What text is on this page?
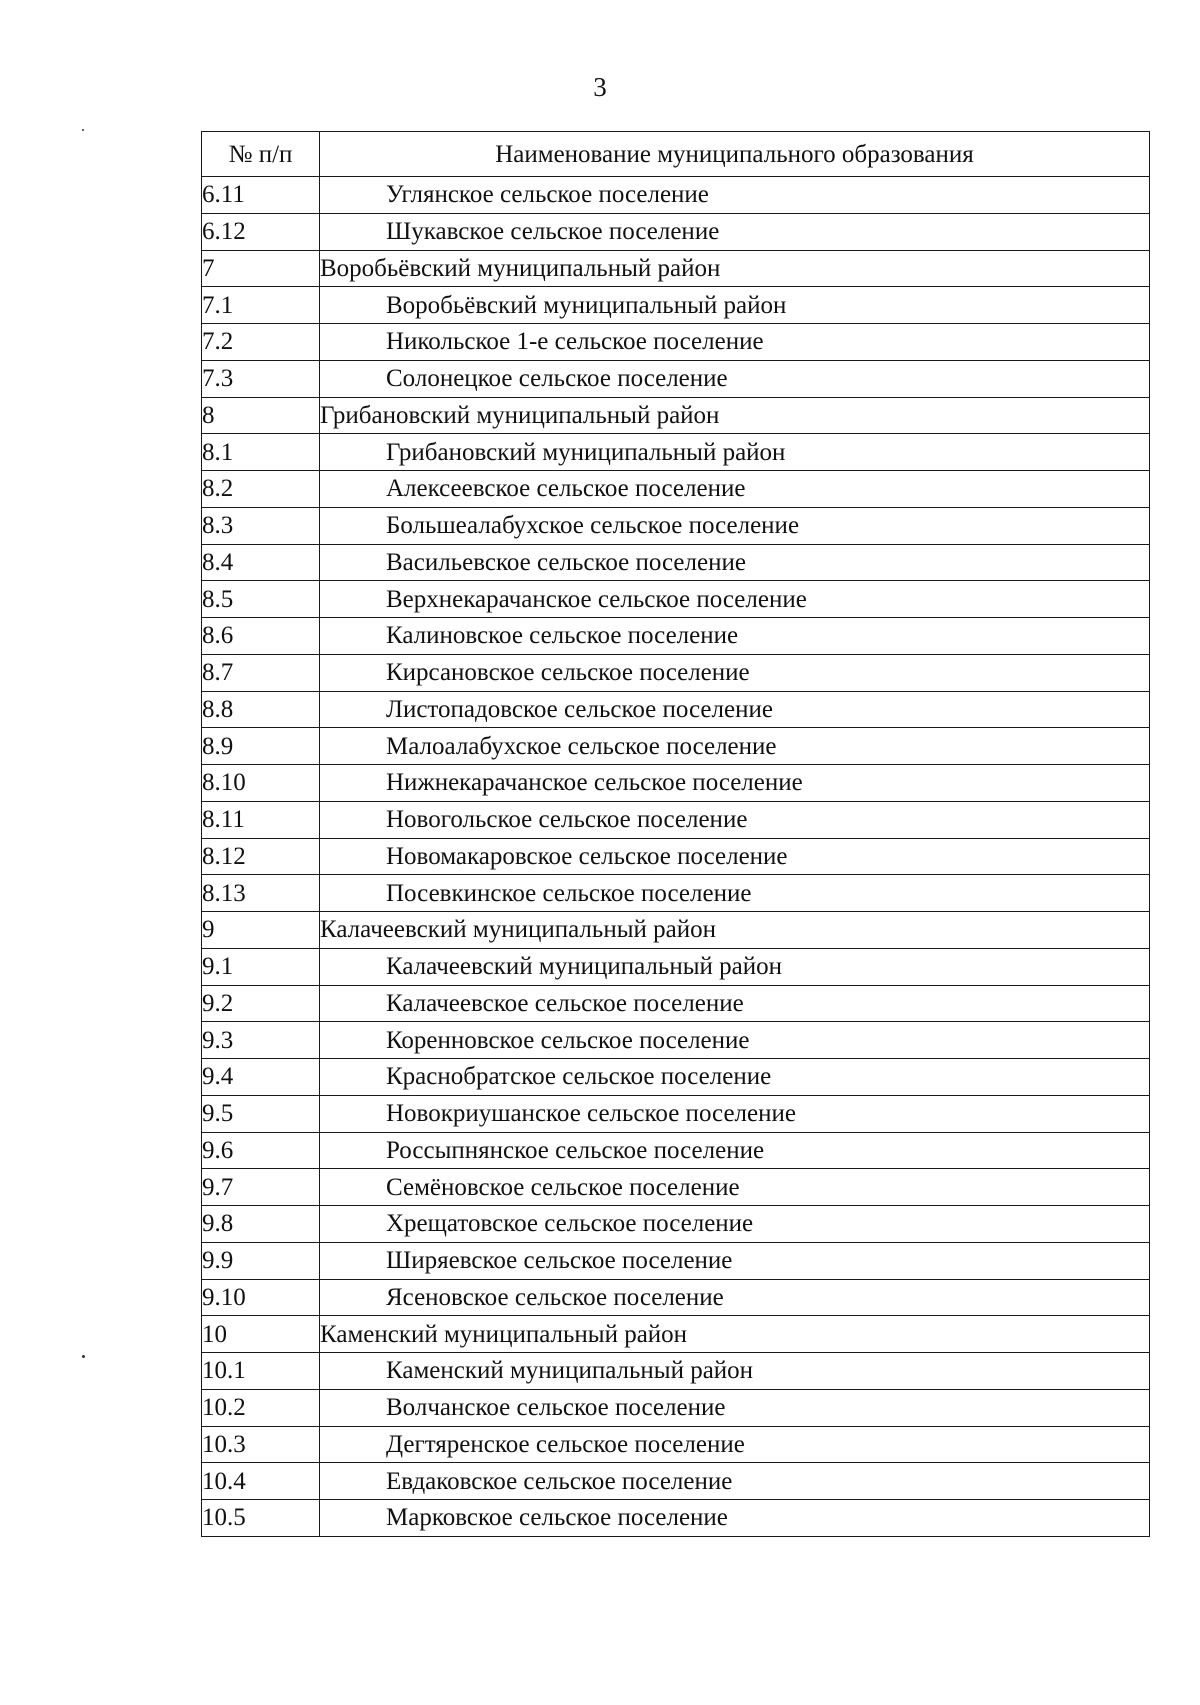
3
№ п/п	Наименование муниципального образования
6.11	Углянское сельское поселение
6.12	Шукавское сельское поселение
7	Воробьёвский муниципальный район
7.1	Воробьёвский муниципальный район
7.2	Никольское 1-е сельское поселение
7.3	Солонецкое сельское поселение
8	Грибановский муниципальный район
8.1	Грибановский муниципальный район
8.2	Алексеевское сельское поселение
8.3	Большеалабухское сельское поселение
8.4	Васильевское сельское поселение
8.5	Верхнекарачанское сельское поселение
8.6	Калиновское сельское поселение
8.7	Кирсановское сельское поселение
8.8	Листопадовское сельское поселение
8.9	Малоалабухское сельское поселение
8.10	Нижнекарачанское сельское поселение
8.11	Новогольское сельское поселение
8.12	Новомакаровское сельское поселение
8.13	Посевкинское сельское поселение
9	Калачеевский муниципальный район
9.1	Калачеевский муниципальный район
9.2	Калачеевское сельское поселение
9.3	Коренновское сельское поселение
9.4	Краснобратское сельское поселение
9.5	Новокриушанское сельское поселение
9.6	Россыпнянское сельское поселение
9.7	Семёновское сельское поселение
9.8	Хрещатовское сельское поселение
9.9	Ширяевское сельское поселение
9.10	Ясеновское сельское поселение
10	Каменский муниципальный район
10.1	Каменский муниципальный район
10.2	Волчанское сельское поселение
10.3	Дегтяренское сельское поселение
10.4	Евдаковское сельское поселение
10.5	Марковское сельское поселение
